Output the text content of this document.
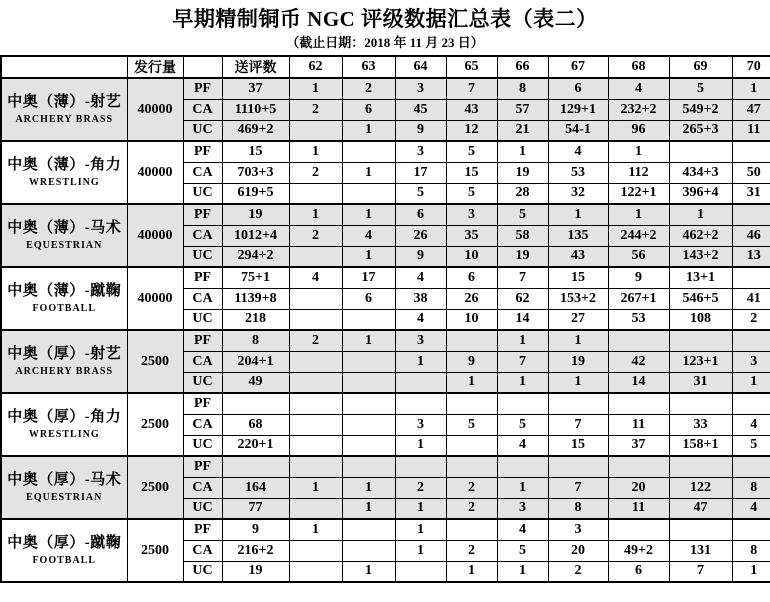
早期精制铜币 NGC 评级数据汇总表（表二）
（截止日期：2018 年 11 月 23 日）
	发行量		送评数	62	63	64	65	66	67	68	69	70

中奥（薄）-射艺
ARCHERY BRASS	40000	PF	37	1	2	3	7	8	6	4	5	1
		CA	1110+5	2	6	45	43	57	129+1	232+2	549+2	47
		UC	469+2		1	9	12	21	54-1	96	265+3	11

中奥（薄）-角力
WRESTLING	40000	PF	15	1		3	5	1	4	1		
		CA	703+3	2	1	17	15	19	53	112	434+3	50
		UC	619+5			5	5	28	32	122+1	396+4	31

中奥（薄）-马术
EQUESTRIAN	40000	PF	19	1	1	6	3	5	1	1	1	
		CA	1012+4	2	4	26	35	58	135	244+2	462+2	46
		UC	294+2		1	9	10	19	43	56	143+2	13

中奥（薄）-蹴鞠
FOOTBALL	40000	PF	75+1	4	17	4	6	7	15	9	13+1	
		CA	1139+8		6	38	26	62	153+2	267+1	546+5	41
		UC	218			4	10	14	27	53	108	2

中奥（厚）-射艺
ARCHERY BRASS	2500	PF	8	2	1	3		1	1			
		CA	204+1			1	9	7	19	42	123+1	3
		UC	49				1	1	1	14	31	1

中奥（厚）-角力
WRESTLING	2500	PF										
		CA	68			3	5	5	7	11	33	4
		UC	220+1			1		4	15	37	158+1	5

中奥（厚）-马术
EQUESTRIAN	2500	PF										
		CA	164	1	1	2	2	1	7	20	122	8
		UC	77		1	1	2	3	8	11	47	4

中奥（厚）-蹴鞠
FOOTBALL	2500	PF	9	1		1		4	3			
		CA	216+2			1	2	5	20	49+2	131	8
		UC	19		1		1	1	2	6	7	1
